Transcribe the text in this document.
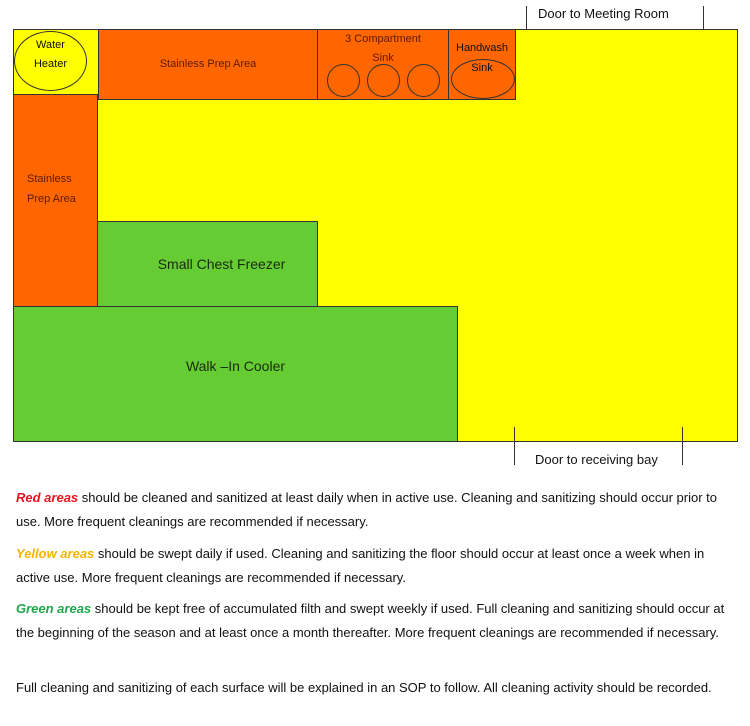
Door to Meeting Room
Water
Heater	Stainless Prep Area
3 Compartment
Sink
Handwash
Sink
Stainless
Prep Area
Small Chest Freezer
Walk –In Cooler
Door to receiving bay
Red areas should be cleaned and sanitized at least daily when in active use. Cleaning and sanitizing should occur prior to use. More frequent cleanings are recommended if necessary.
Yellow areas should be swept daily if used. Cleaning and sanitizing the floor should occur at least once a week when in active use. More frequent cleanings are recommended if necessary.
Green areas should be kept free of accumulated filth and swept weekly if used. Full cleaning and sanitizing should occur at the beginning of the season and at least once a month thereafter. More frequent cleanings are recommended if necessary.
Full cleaning and sanitizing of each surface will be explained in an SOP to follow. All cleaning activity should be recorded.
